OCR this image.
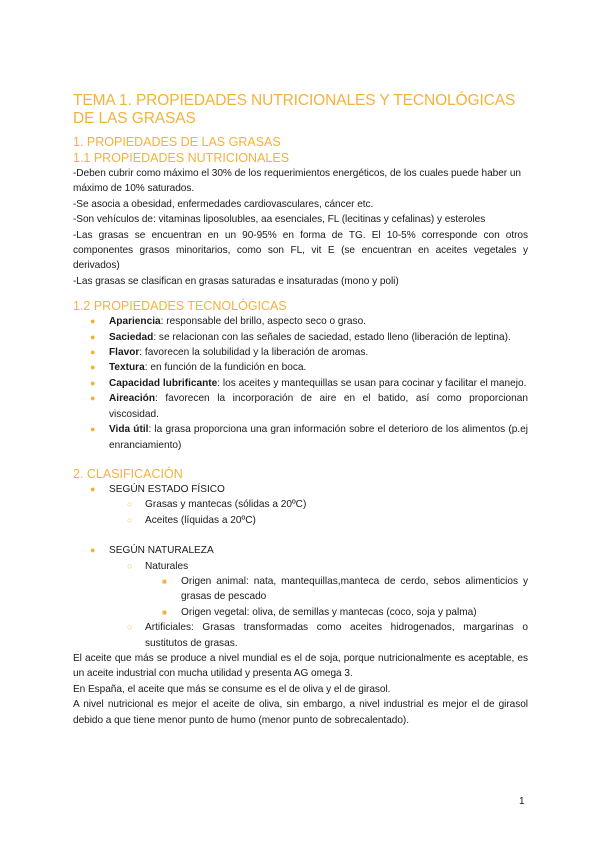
TEMA 1. PROPIEDADES NUTRICIONALES Y TECNOLÓGICAS DE LAS GRASAS
1. PROPIEDADES DE LAS GRASAS
1.1 PROPIEDADES NUTRICIONALES

-Deben cubrir como máximo el 30% de los requerimientos energéticos, de los cuales puede haber un máximo de 10% saturados.

-Se asocia a obesidad, enfermedades cardiovasculares, cáncer etc.

-Son vehículos de: vitaminas liposolubles, aa esenciales, FL (lecitinas y cefalinas) y esteroles

-Las grasas se encuentran en un 90-95% en forma de TG. El 10-5% corresponde con otros componentes grasos minoritarios, como son FL, vit E (se encuentran en aceites vegetales y derivados)

-Las grasas se clasifican en grasas saturadas e insaturadas (mono y poli)

1.2 PROPIEDADES TECNOLÓGICAS
● Apariencia: responsable del brillo, aspecto seco o graso.
● Saciedad: se relacionan con las señales de saciedad, estado lleno (liberación de leptina).
● Flavor: favorecen la solubilidad y la liberación de aromas.
● Textura: en función de la fundición en boca.
● Capacidad lubrificante: los aceites y mantequillas se usan para cocinar y facilitar el manejo.
● Aireación: favorecen la incorporación de aire en el batido, así como proporcionan viscosidad.
● Vida útil: la grasa proporciona una gran información sobre el deterioro de los alimentos (p.ej enranciamiento)
2. CLASIFICACIÓN
● SEGÚN ESTADO FÍSICO
○ Grasas y mantecas (sólidas a 20ºC)
○ Aceites (líquidas a 20ºC)
● SEGÚN NATURALEZA
○ Naturales
■ Origen animal: nata, mantequillas,manteca de cerdo, sebos alimenticios y grasas de pescado
■ Origen vegetal: oliva, de semillas y mantecas (coco, soja y palma)
○ Artificiales: Grasas transformadas como aceites hidrogenados, margarinas o sustitutos de grasas.

El aceite que más se produce a nivel mundial es el de soja, porque nutricionalmente es aceptable, es un aceite industrial con mucha utilidad y presenta AG omega 3.

En España, el aceite que más se consume es el de oliva y el de girasol.

A nivel nutricional es mejor el aceite de oliva, sin embargo, a nivel industrial es mejor el de girasol debido a que tiene menor punto de humo (menor punto de sobrecalentado).

1
